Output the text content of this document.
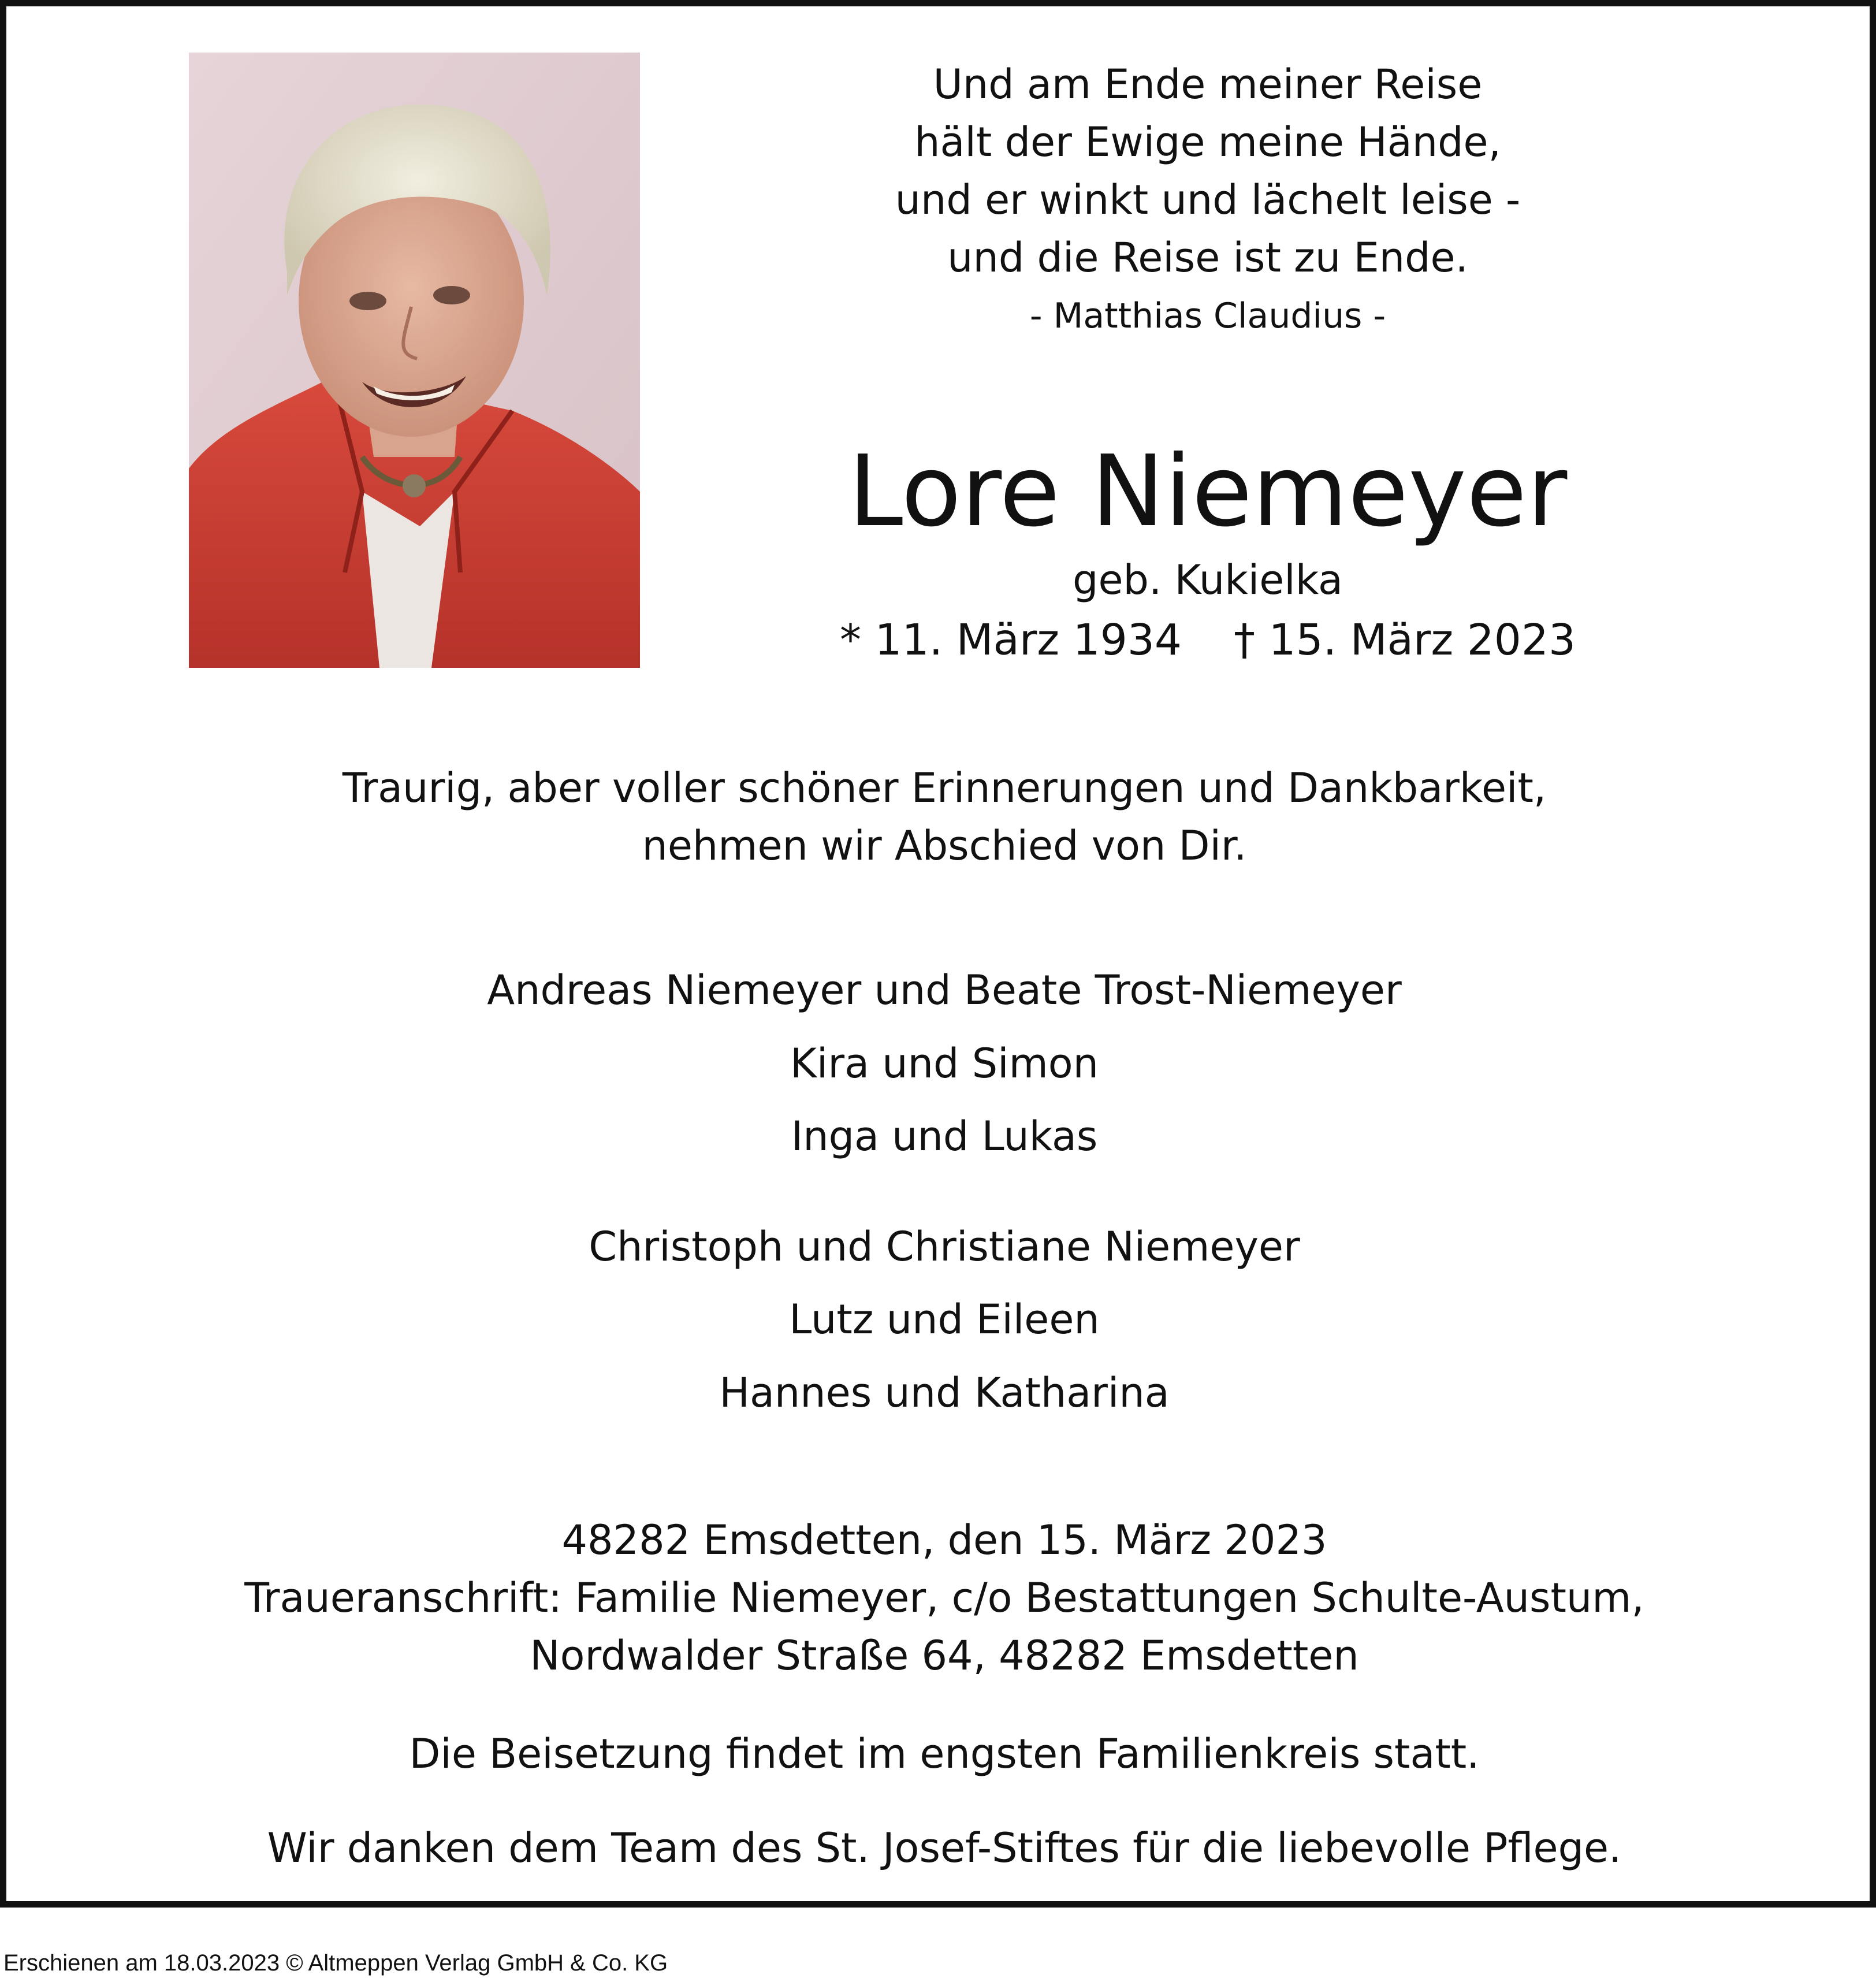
Und am Ende meiner Reise
hält der Ewige meine Hände,
und er winkt und lächelt leise -
und die Reise ist zu Ende.
- Matthias Claudius -
Lore Niemeyer
geb. Kukielka
* 11. März 1934 † 15. März 2023
Traurig, aber voller schöner Erinnerungen und Dankbarkeit,
nehmen wir Abschied von Dir.
Andreas Niemeyer und Beate Trost-Niemeyer
Kira und Simon
Inga und Lukas
Christoph und Christiane Niemeyer
Lutz und Eileen
Hannes und Katharina
48282 Emsdetten, den 15. März 2023
Traueranschrift: Familie Niemeyer, c/o Bestattungen Schulte-Austum,
Nordwalder Straße 64, 48282 Emsdetten
Die Beisetzung findet im engsten Familienkreis statt.
Wir danken dem Team des St. Josef-Stiftes für die liebevolle Pflege.
Erschienen am 18.03.2023 © Altmeppen Verlag GmbH & Co. KG
